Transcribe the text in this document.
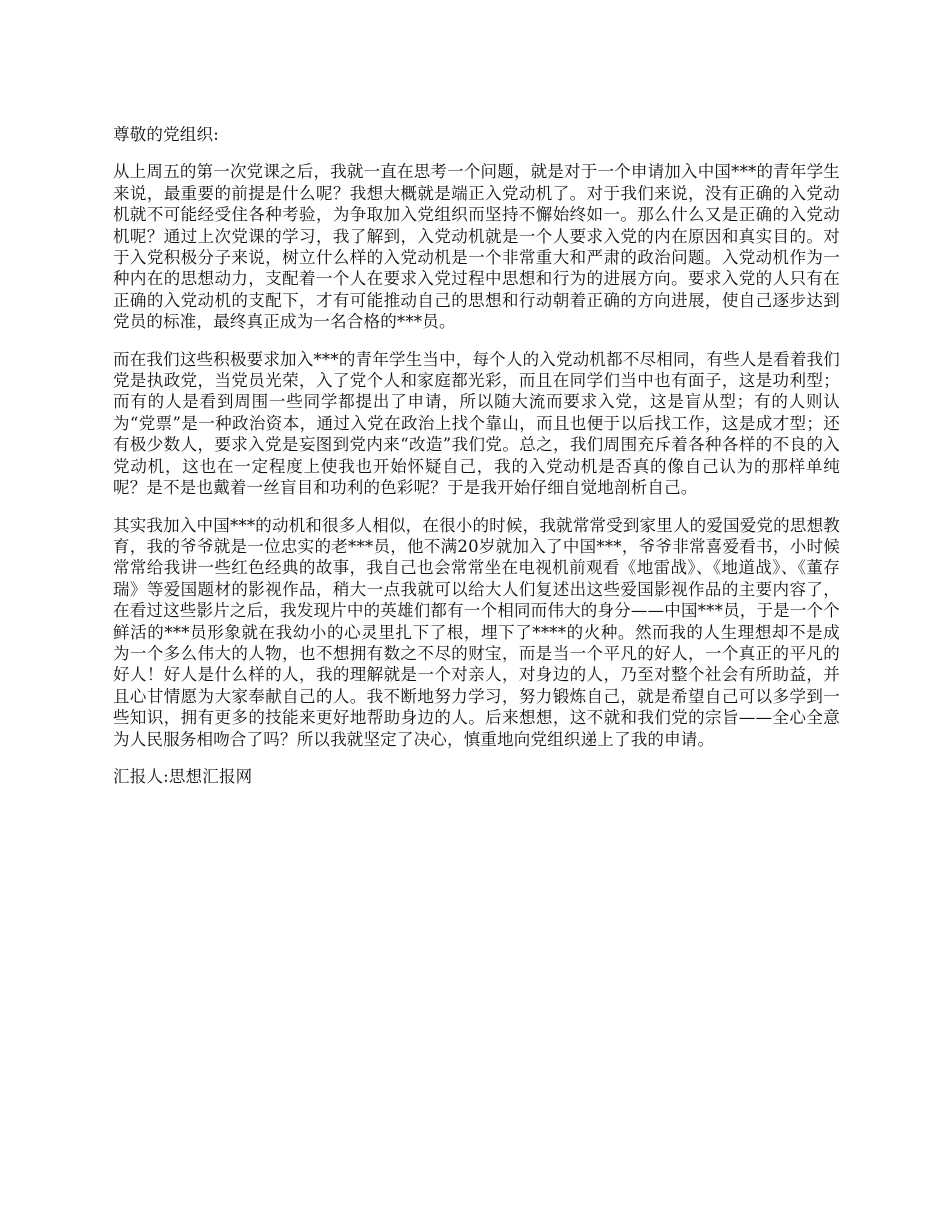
尊敬的党组织:

从上周五的第一次党课之后，我就一直在思考一个问题，就是对于一个申请加入中国***的青年学生来说，最重要的前提是什么呢？我想大概就是端正入党动机了。对于我们来说，没有正确的入党动机就不可能经受住各种考验，为争取加入党组织而坚持不懈始终如一。那么什么又是正确的入党动机呢？通过上次党课的学习，我了解到，入党动机就是一个人要求入党的内在原因和真实目的。对于入党积极分子来说，树立什么样的入党动机是一个非常重大和严肃的政治问题。入党动机作为一种内在的思想动力，支配着一个人在要求入党过程中思想和行为的进展方向。要求入党的人只有在正确的入党动机的支配下，才有可能推动自己的思想和行动朝着正确的方向进展，使自己逐步达到党员的标准，最终真正成为一名合格的***员。

而在我们这些积极要求加入***的青年学生当中，每个人的入党动机都不尽相同，有些人是看着我们党是执政党，当党员光荣，入了党个人和家庭都光彩，而且在同学们当中也有面子，这是功利型；而有的人是看到周围一些同学都提出了申请，所以随大流而要求入党，这是盲从型；有的人则认为“党票”是一种政治资本，通过入党在政治上找个靠山，而且也便于以后找工作，这是成才型；还有极少数人，要求入党是妄图到党内来“改造”我们党。总之，我们周围充斥着各种各样的不良的入党动机，这也在一定程度上使我也开始怀疑自己，我的入党动机是否真的像自己认为的那样单纯呢？是不是也戴着一丝盲目和功利的色彩呢？于是我开始仔细自觉地剖析自己。

其实我加入中国***的动机和很多人相似，在很小的时候，我就常常受到家里人的爱国爱党的思想教育，我的爷爷就是一位忠实的老***员，他不满20岁就加入了中国***，爷爷非常喜爱看书，小时候常常给我讲一些红色经典的故事，我自己也会常常坐在电视机前观看《地雷战》、《地道战》、《董存瑞》等爱国题材的影视作品，稍大一点我就可以给大人们复述出这些爱国影视作品的主要内容了，在看过这些影片之后，我发现片中的英雄们都有一个相同而伟大的身分——中国***员，于是一个个鲜活的***员形象就在我幼小的心灵里扎下了根，埋下了****的火种。然而我的人生理想却不是成为一个多么伟大的人物，也不想拥有数之不尽的财宝，而是当一个平凡的好人，一个真正的平凡的好人！好人是什么样的人，我的理解就是一个对亲人，对身边的人，乃至对整个社会有所助益，并且心甘情愿为大家奉献自己的人。我不断地努力学习，努力锻炼自己，就是希望自己可以多学到一些知识，拥有更多的技能来更好地帮助身边的人。后来想想，这不就和我们党的宗旨——全心全意为人民服务相吻合了吗？所以我就坚定了决心，慎重地向党组织递上了我的申请。

汇报人:思想汇报网
